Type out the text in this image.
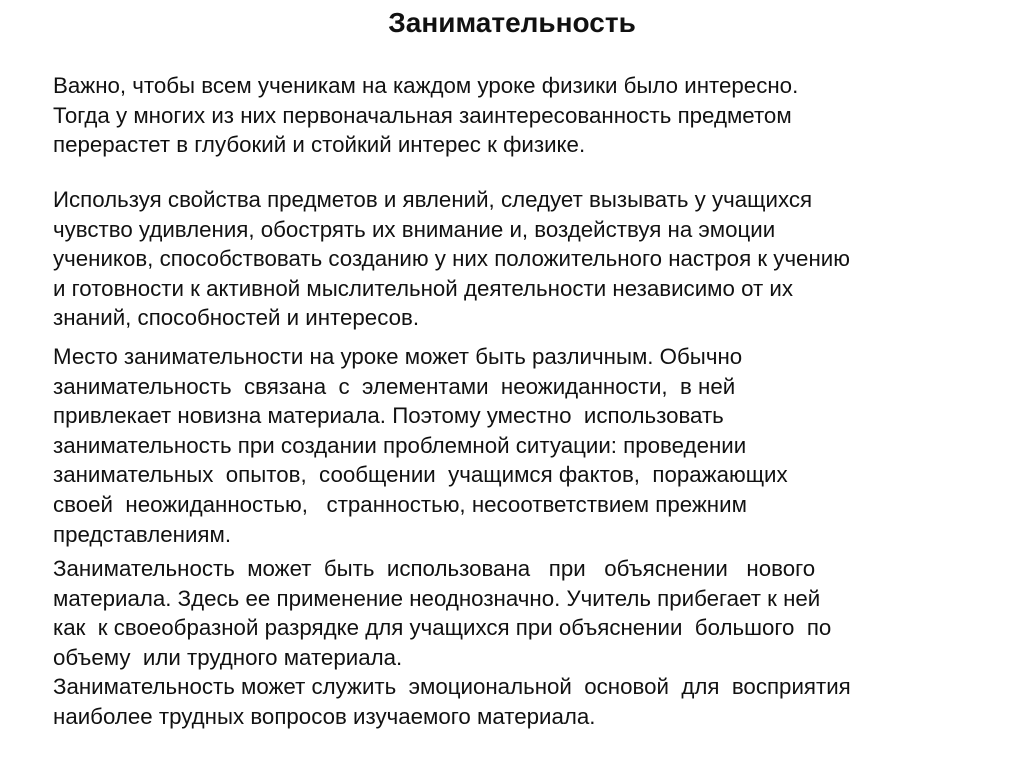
Занимательность
Важно, чтобы всем ученикам на каждом уроке физики было интересно.
Тогда у многих из них первоначальная заинтересованность предметом
перерастет в глубокий и стойкий интерес к физике.
Используя свойства предметов и явлений, следует вызывать у учащихся
чувство удивления, обострять их внимание и, воздействуя на эмоции
учеников, способствовать созданию у них положительного настроя к учению
и готовности к активной мыслительной деятельности независимо от их
знаний, способностей и интересов.
Место занимательности на уроке может быть различным. Обычно
занимательность  связана  с  элементами  неожиданности,  в ней
привлекает новизна материала. Поэтому уместно  использовать
занимательность при создании проблемной ситуации: проведении
занимательных  опытов,  сообщении  учащимся фактов,  поражающих
своей  неожиданностью,   странностью, несоответствием прежним
представлениям.
Занимательность  может  быть  использована   при   объяснении   нового
материала. Здесь ее применение неоднозначно. Учитель прибегает к ней
как  к своеобразной разрядке для учащихся при объяснении  большого  по
объему  или трудного материала.
Занимательность может служить  эмоциональной  основой  для  восприятия
наиболее трудных вопросов изучаемого материала.
